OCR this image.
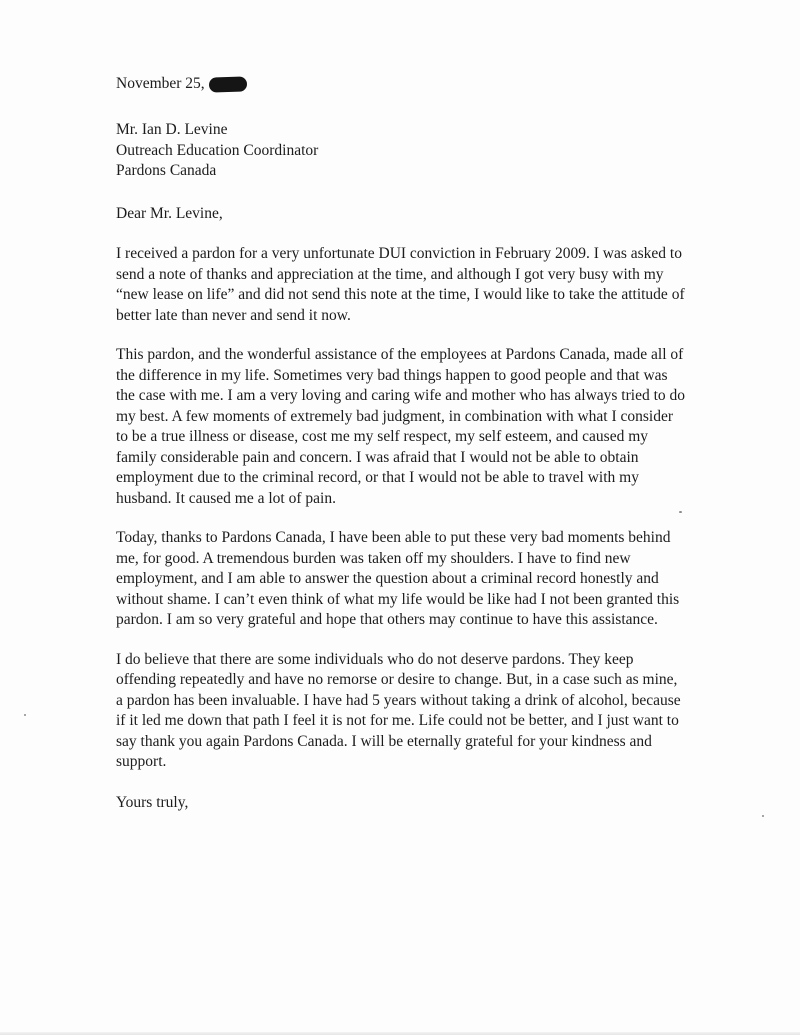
November 25,
Mr. Ian D. Levine
Outreach Education Coordinator
Pardons Canada
Dear Mr. Levine,
I received a pardon for a very unfortunate DUI conviction in February 2009. I was asked to send a note of thanks and appreciation at the time, and although I got very busy with my “new lease on life” and did not send this note at the time, I would like to take the attitude of better late than never and send it now.
This pardon, and the wonderful assistance of the employees at Pardons Canada, made all of the difference in my life. Sometimes very bad things happen to good people and that was the case with me. I am a very loving and caring wife and mother who has always tried to do my best. A few moments of extremely bad judgment, in combination with what I consider to be a true illness or disease, cost me my self respect, my self esteem, and caused my family considerable pain and concern. I was afraid that I would not be able to obtain employment due to the criminal record, or that I would not be able to travel with my husband. It caused me a lot of pain.
Today, thanks to Pardons Canada, I have been able to put these very bad moments behind me, for good. A tremendous burden was taken off my shoulders. I have to find new employment, and I am able to answer the question about a criminal record honestly and without shame. I can’t even think of what my life would be like had I not been granted this pardon. I am so very grateful and hope that others may continue to have this assistance.
I do believe that there are some individuals who do not deserve pardons. They keep offending repeatedly and have no remorse or desire to change. But, in a case such as mine, a pardon has been invaluable. I have had 5 years without taking a drink of alcohol, because if it led me down that path I feel it is not for me. Life could not be better, and I just want to say thank you again Pardons Canada. I will be eternally grateful for your kindness and support.
Yours truly,
